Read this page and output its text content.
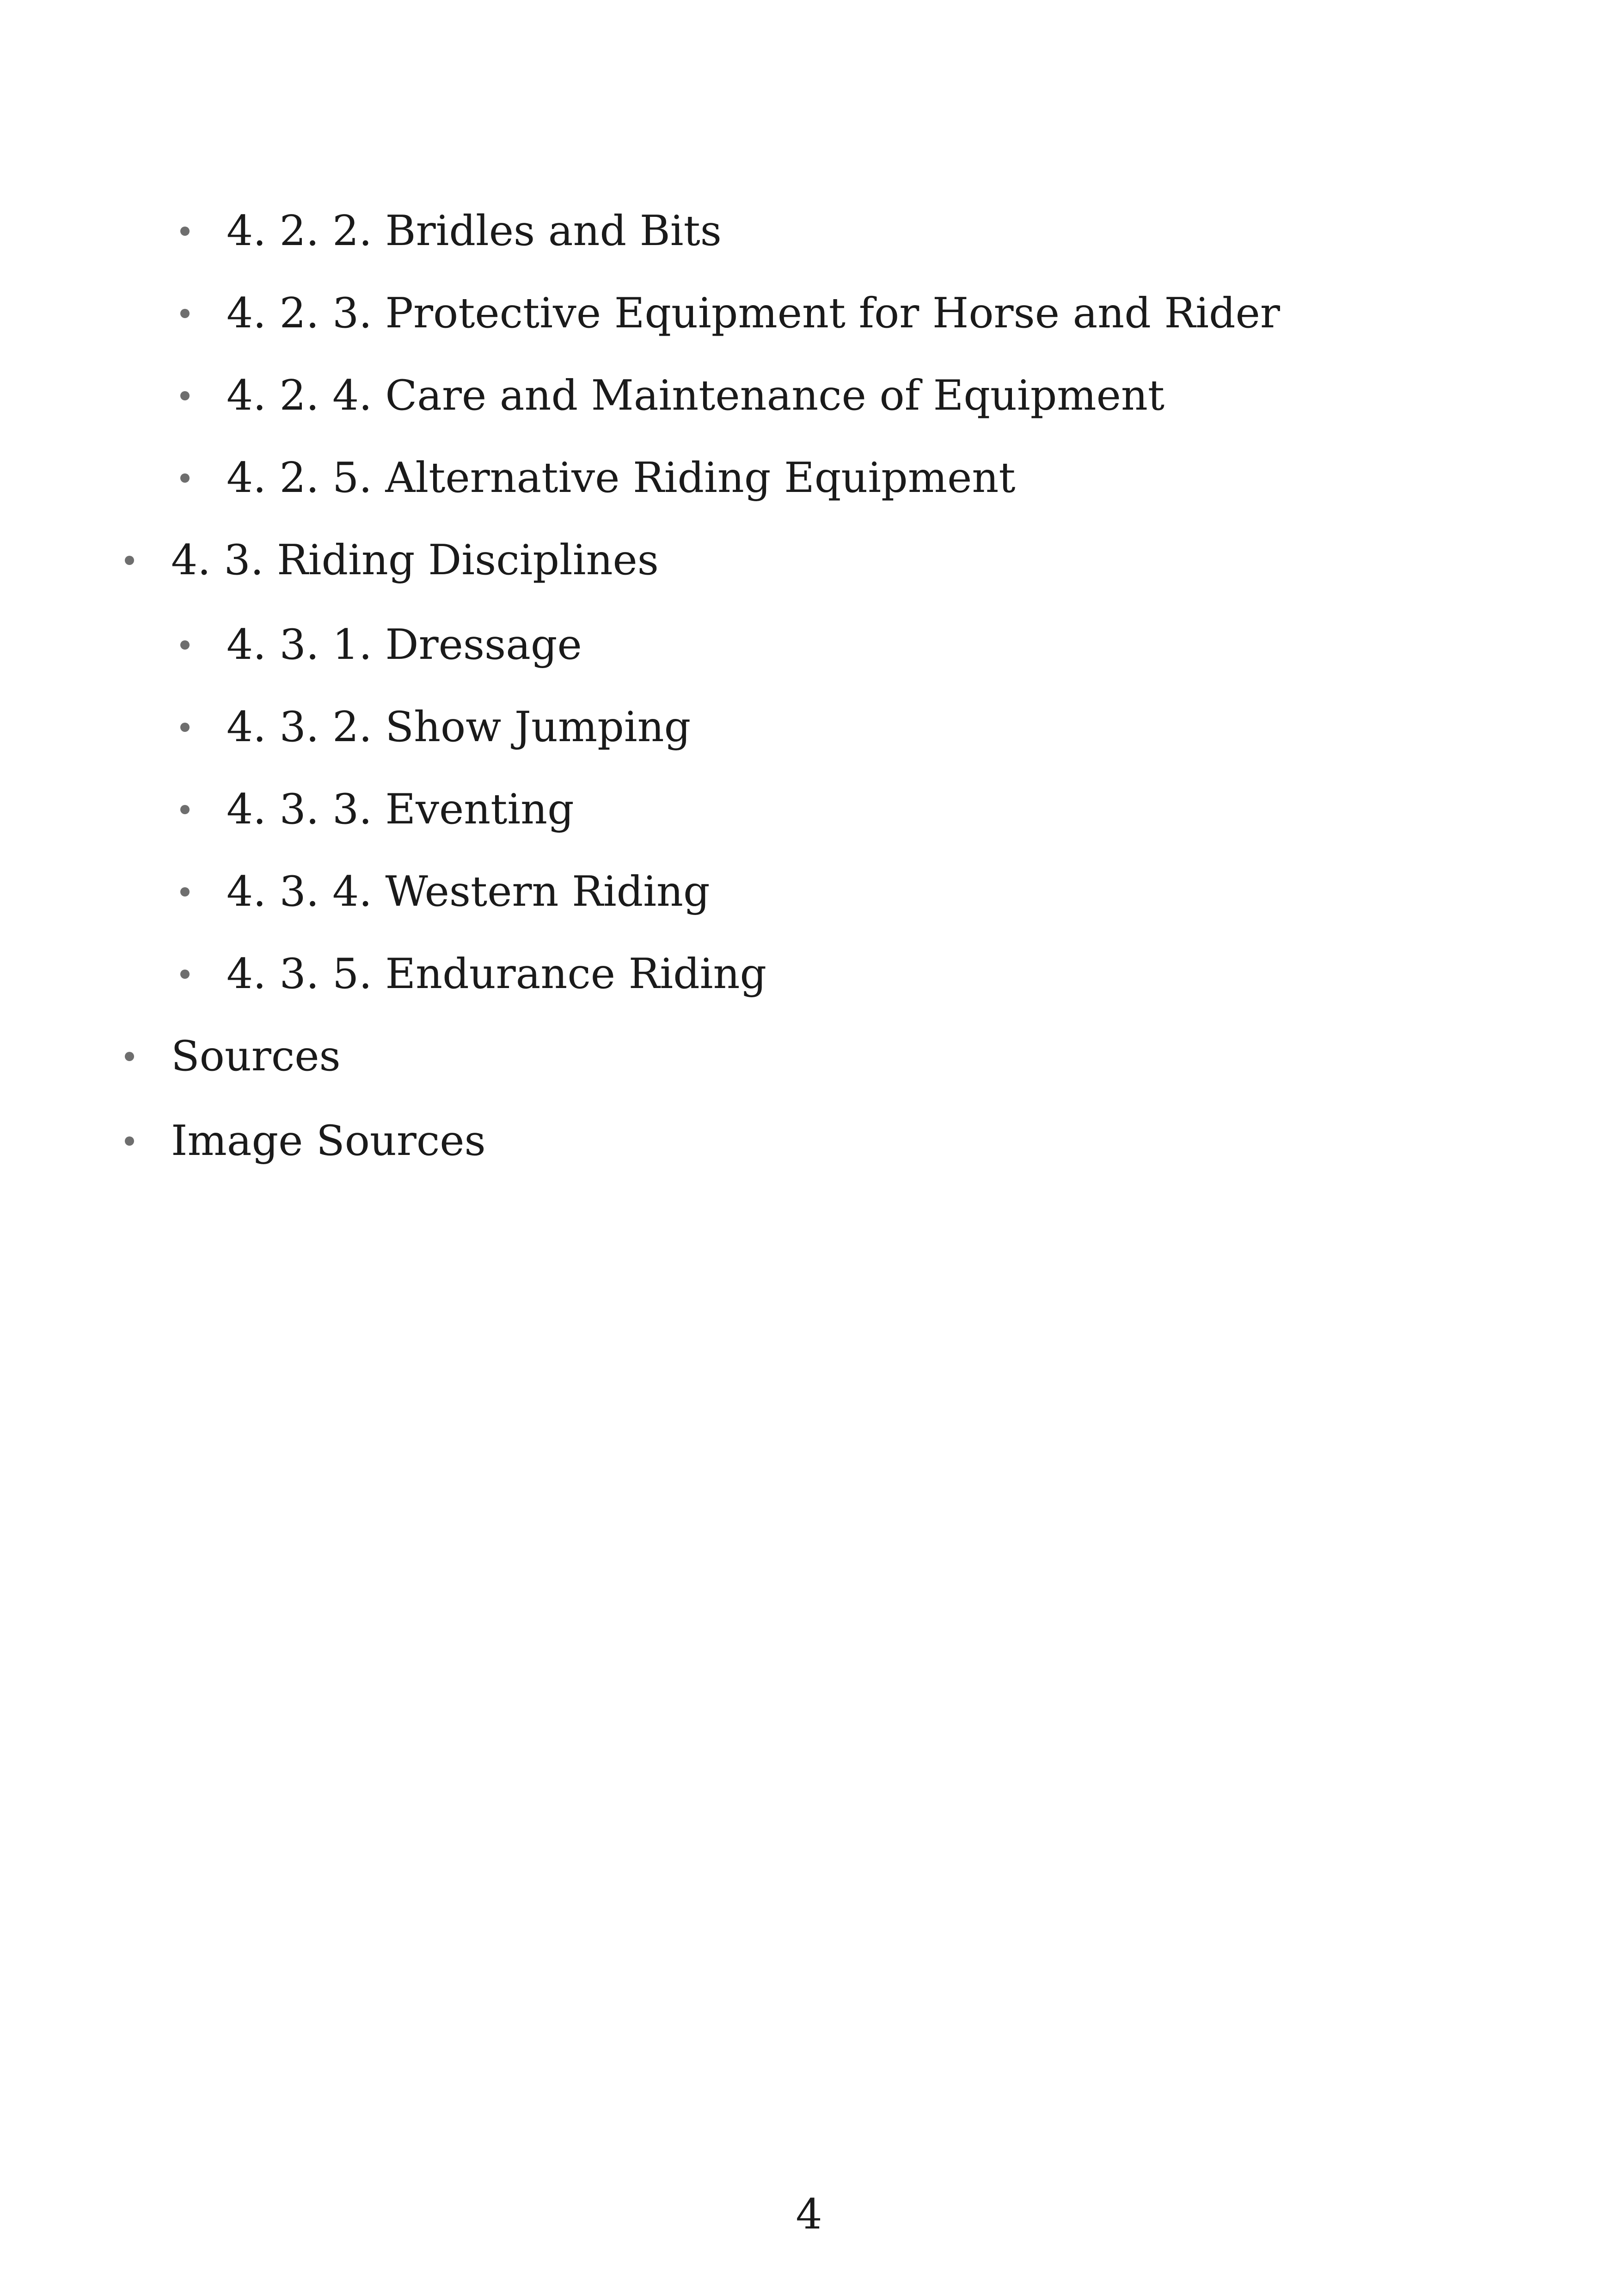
4. 2. 2. Bridles and Bits
4. 2. 3. Protective Equipment for Horse and Rider
4. 2. 4. Care and Maintenance of Equipment
4. 2. 5. Alternative Riding Equipment
4. 3. Riding Disciplines
4. 3. 1. Dressage
4. 3. 2. Show Jumping
4. 3. 3. Eventing
4. 3. 4. Western Riding
4. 3. 5. Endurance Riding
Sources
Image Sources
4
